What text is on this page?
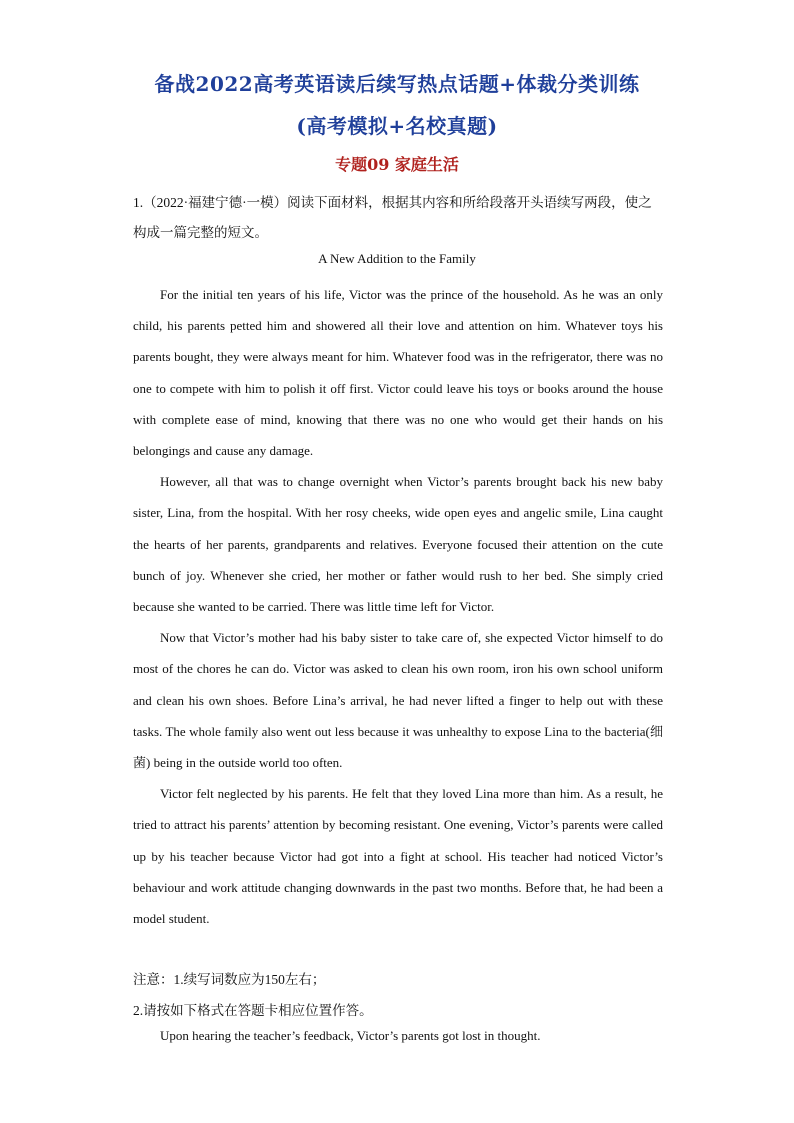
备战2022高考英语读后续写热点话题+体裁分类训练
(高考模拟+名校真题)
专题09 家庭生活
1.（2022·福建宁德·一模）阅读下面材料，根据其内容和所给段落开头语续写两段，使之构成一篇完整的短文。
A New Addition to the Family

For the initial ten years of his life, Victor was the prince of the household. As he was an only child, his parents petted him and showered all their love and attention on him. Whatever toys his parents bought, they were always meant for him. Whatever food was in the refrigerator, there was no one to compete with him to polish it off first. Victor could leave his toys or books around the house with complete ease of mind, knowing that there was no one who would get their hands on his belongings and cause any damage.

However, all that was to change overnight when Victor’s parents brought back his new baby sister, Lina, from the hospital. With her rosy cheeks, wide open eyes and angelic smile, Lina caught the hearts of her parents, grandparents and relatives. Everyone focused their attention on the cute bunch of joy. Whenever she cried, her mother or father would rush to her bed. She simply cried because she wanted to be carried. There was little time left for Victor.

Now that Victor’s mother had his baby sister to take care of, she expected Victor himself to do most of the chores he can do. Victor was asked to clean his own room, iron his own school uniform and clean his own shoes. Before Lina’s arrival, he had never lifted a finger to help out with these tasks. The whole family also went out less because it was unhealthy to expose Lina to the bacteria(细菌) being in the outside world too often.

Victor felt neglected by his parents. He felt that they loved Lina more than him. As a result, he tried to attract his parents’ attention by becoming resistant. One evening, Victor’s parents were called up by his teacher because Victor had got into a fight at school. His teacher had noticed Victor’s behaviour and work attitude changing downwards in the past two months. Before that, he had been a model student.

注意：1.续写词数应为150左右；

2.请按如下格式在答题卡相应位置作答。

Upon hearing the teacher’s feedback, Victor’s parents got lost in thought.
